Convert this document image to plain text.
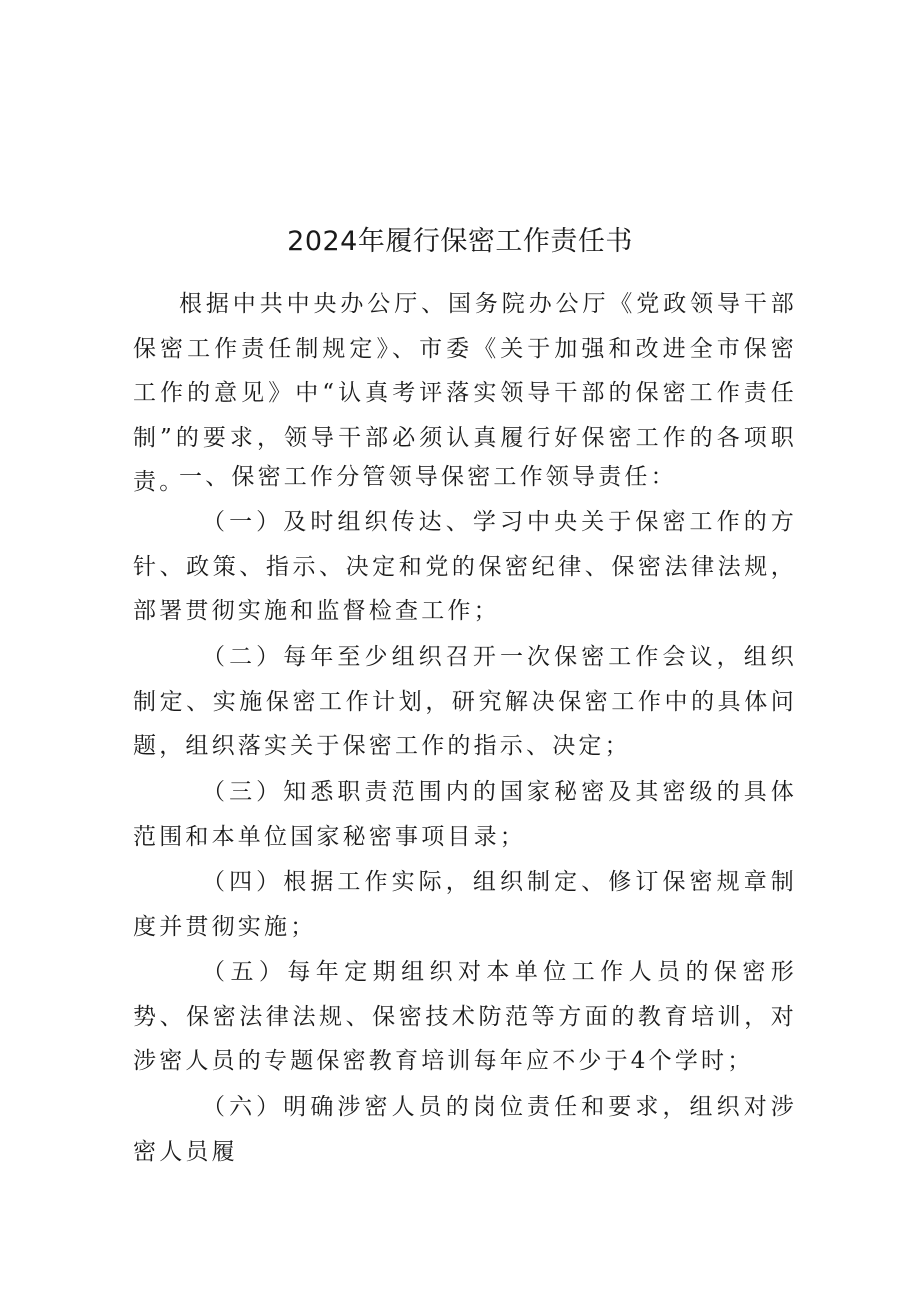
2024年履行保密工作责任书

根据中共中央办公厅、国务院办公厅《党政领导干部保密工作责任制规定》、市委《关于加强和改进全市保密工作的意见》中“认真考评落实领导干部的保密工作责任制”的要求，领导干部必须认真履行好保密工作的各项职责。

一、保密工作分管领导保密工作领导责任：

（一）及时组织传达、学习中央关于保密工作的方针、政策、指示、决定和党的保密纪律、保密法律法规，部署贯彻实施和监督检查工作；

（二）每年至少组织召开一次保密工作会议，组织制定、实施保密工作计划，研究解决保密工作中的具体问题，组织落实关于保密工作的指示、决定；

（三）知悉职责范围内的国家秘密及其密级的具体范围和本单位国家秘密事项目录；

（四）根据工作实际，组织制定、修订保密规章制度并贯彻实施；

（五）每年定期组织对本单位工作人员的保密形势、保密法律法规、保密技术防范等方面的教育培训，对涉密人员的专题保密教育培训每年应不少于4个学时；

（六）明确涉密人员的岗位责任和要求，组织对涉密人员履
